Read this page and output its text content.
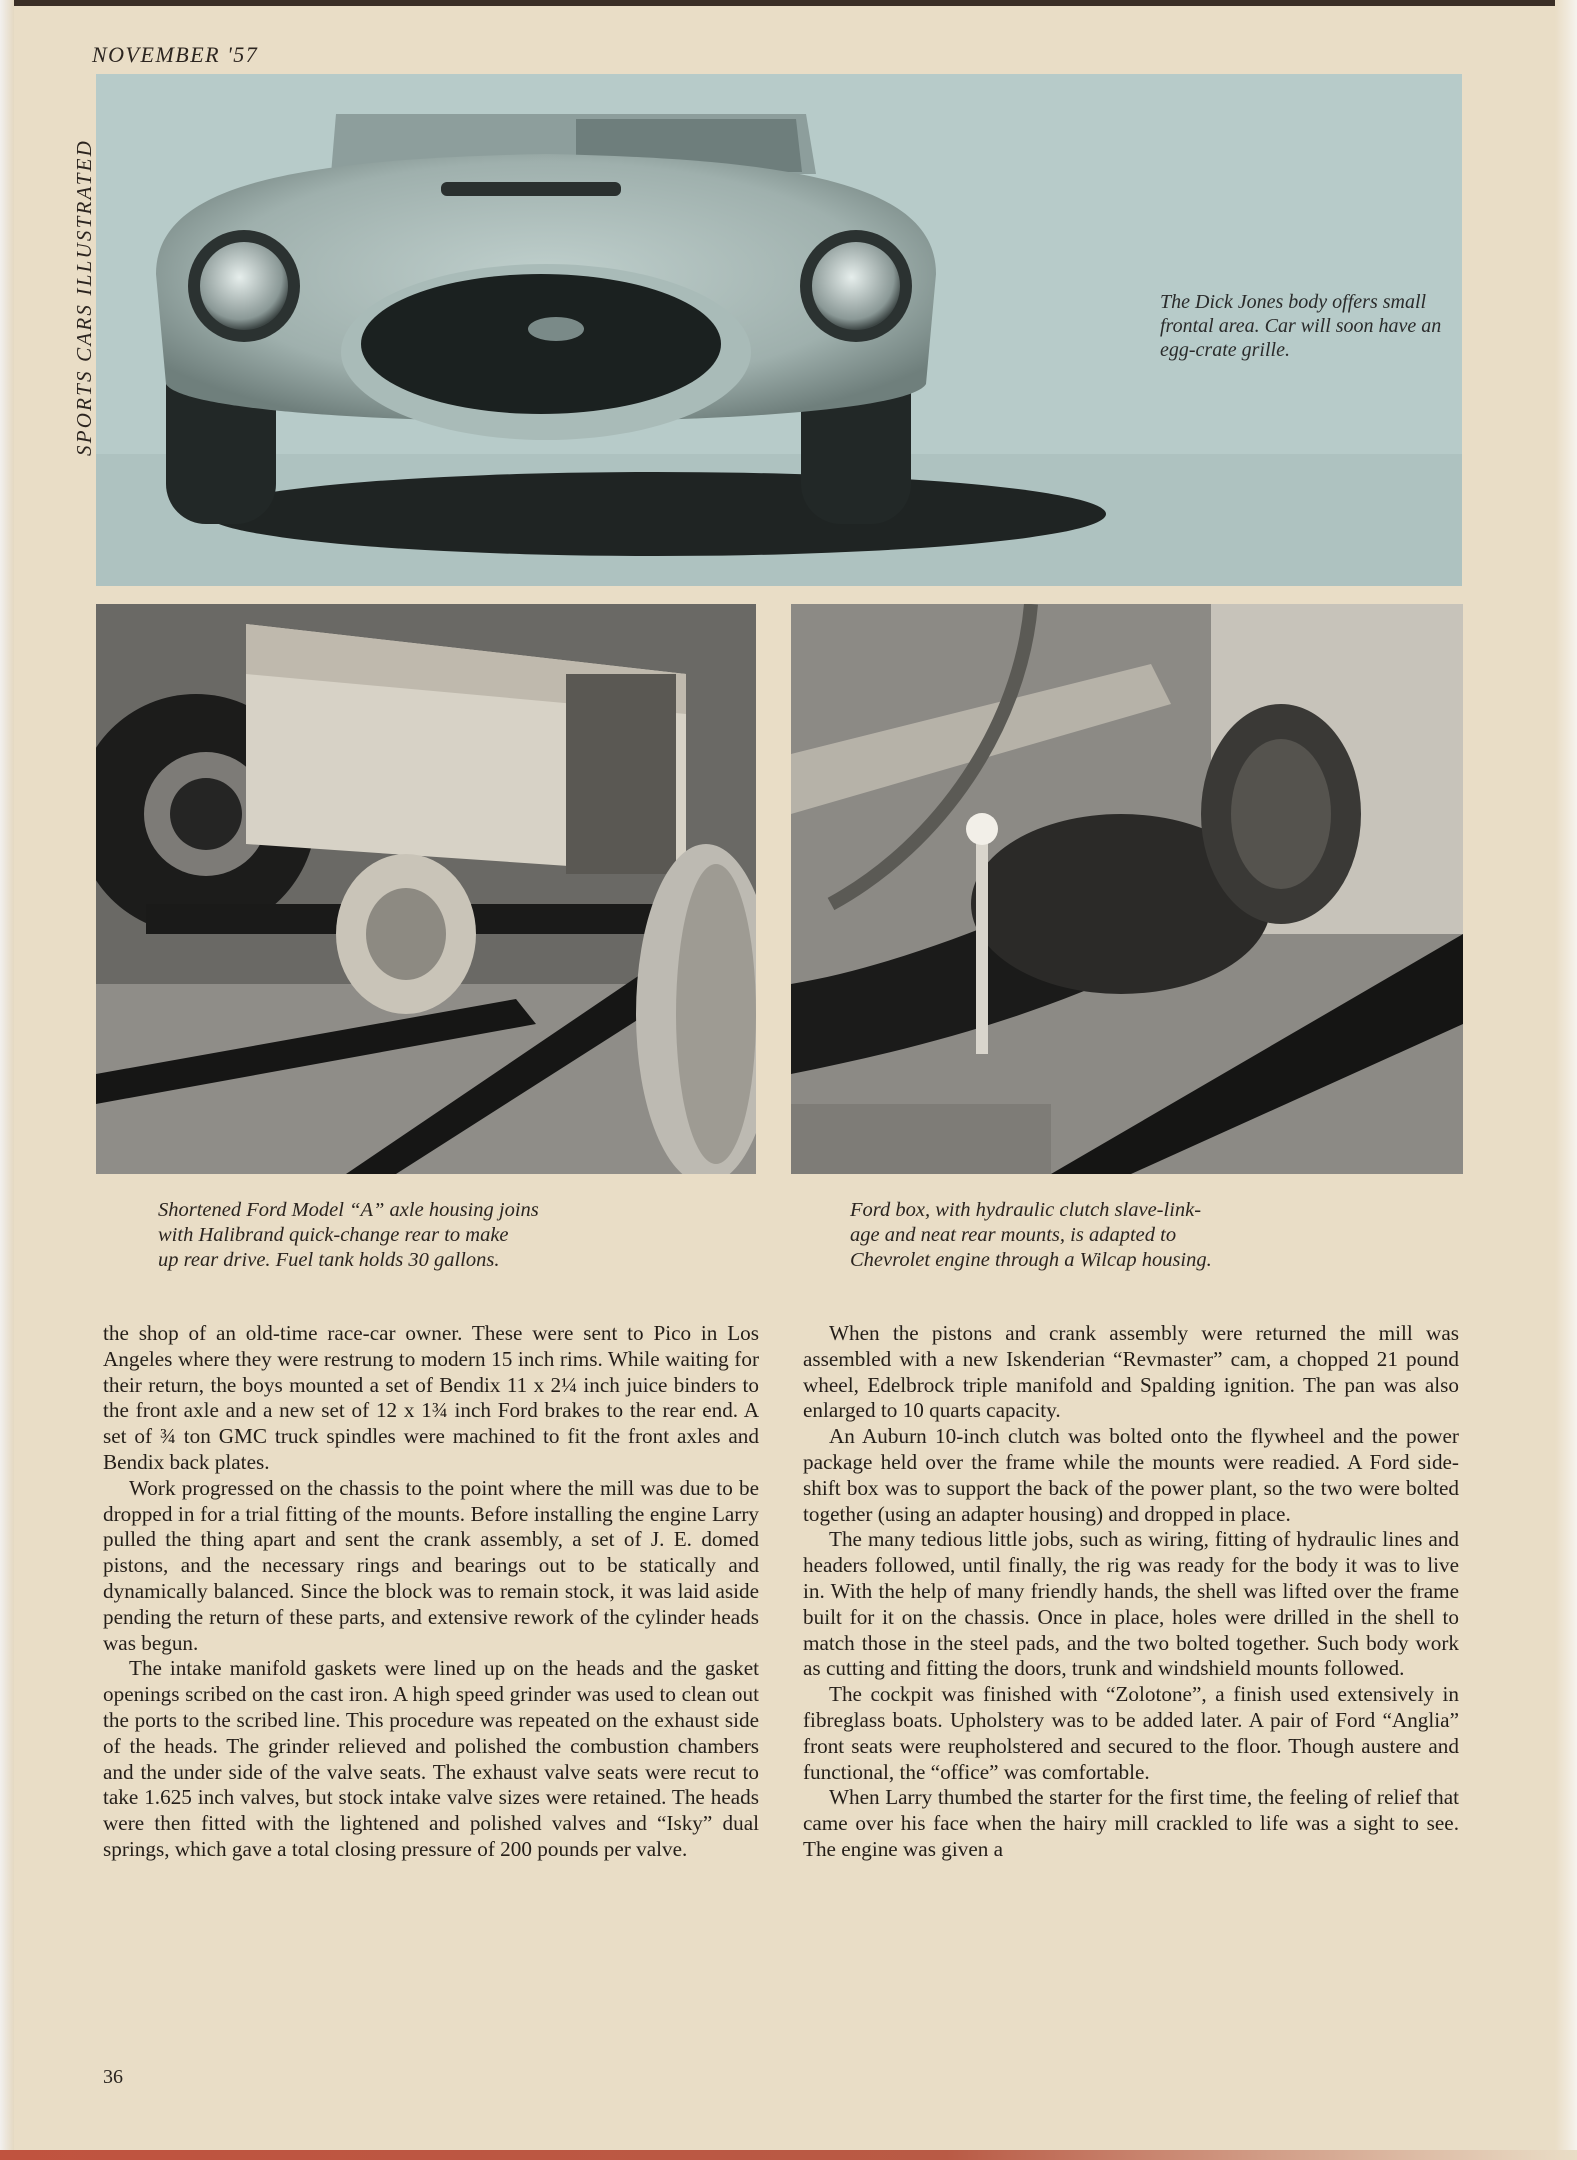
NOVEMBER '57
SPORTS CARS ILLUSTRATED	The Dick Jones body offers small frontal area. Car will soon have an egg-crate grille.

Shortened Ford Model “A” axle housing joins

with Halibrand quick-change rear to make

up rear drive. Fuel tank holds 30 gallons.

Ford box, with hydraulic clutch slave-link-

age and neat rear mounts, is adapted to

Chevrolet engine through a Wilcap housing.

the shop of an old-time race-car owner. These were sent to Pico in Los Angeles where they were restrung to modern 15 inch rims. While waiting for their return, the boys mounted a set of Bendix 11 x 2¼ inch juice binders to the front axle and a new set of 12 x 1¾ inch Ford brakes to the rear end. A set of ¾ ton GMC truck spindles were machined to fit the front axles and Bendix back plates.

Work progressed on the chassis to the point where the mill was due to be dropped in for a trial fitting of the mounts. Before installing the engine Larry pulled the thing apart and sent the crank assembly, a set of J. E. domed pistons, and the necessary rings and bearings out to be statically and dynamically balanced. Since the block was to remain stock, it was laid aside pending the return of these parts, and extensive rework of the cylinder heads was begun.

The intake manifold gaskets were lined up on the heads and the gasket openings scribed on the cast iron. A high speed grinder was used to clean out the ports to the scribed line. This procedure was repeated on the exhaust side of the heads. The grinder relieved and polished the combustion chambers and the under side of the valve seats. The exhaust valve seats were recut to take 1.625 inch valves, but stock intake valve sizes were retained. The heads were then fitted with the lightened and polished valves and “Isky” dual springs, which gave a total closing pressure of 200 pounds per valve.

When the pistons and crank assembly were returned the mill was assembled with a new Iskenderian “Revmaster” cam, a chopped 21 pound wheel, Edelbrock triple manifold and Spalding ignition. The pan was also enlarged to 10 quarts capacity.

An Auburn 10-inch clutch was bolted onto the flywheel and the power package held over the frame while the mounts were readied. A Ford side-shift box was to support the back of the power plant, so the two were bolted together (using an adapter housing) and dropped in place.

The many tedious little jobs, such as wiring, fitting of hydraulic lines and headers followed, until finally, the rig was ready for the body it was to live in. With the help of many friendly hands, the shell was lifted over the frame built for it on the chassis. Once in place, holes were drilled in the shell to match those in the steel pads, and the two bolted together. Such body work as cutting and fitting the doors, trunk and windshield mounts followed.

The cockpit was finished with “Zolotone”, a finish used extensively in fibreglass boats. Upholstery was to be added later. A pair of Ford “Anglia” front seats were reupholstered and secured to the floor. Though austere and functional, the “office” was comfortable.

When Larry thumbed the starter for the first time, the feeling of relief that came over his face when the hairy mill crackled to life was a sight to see. The engine was given a

36
